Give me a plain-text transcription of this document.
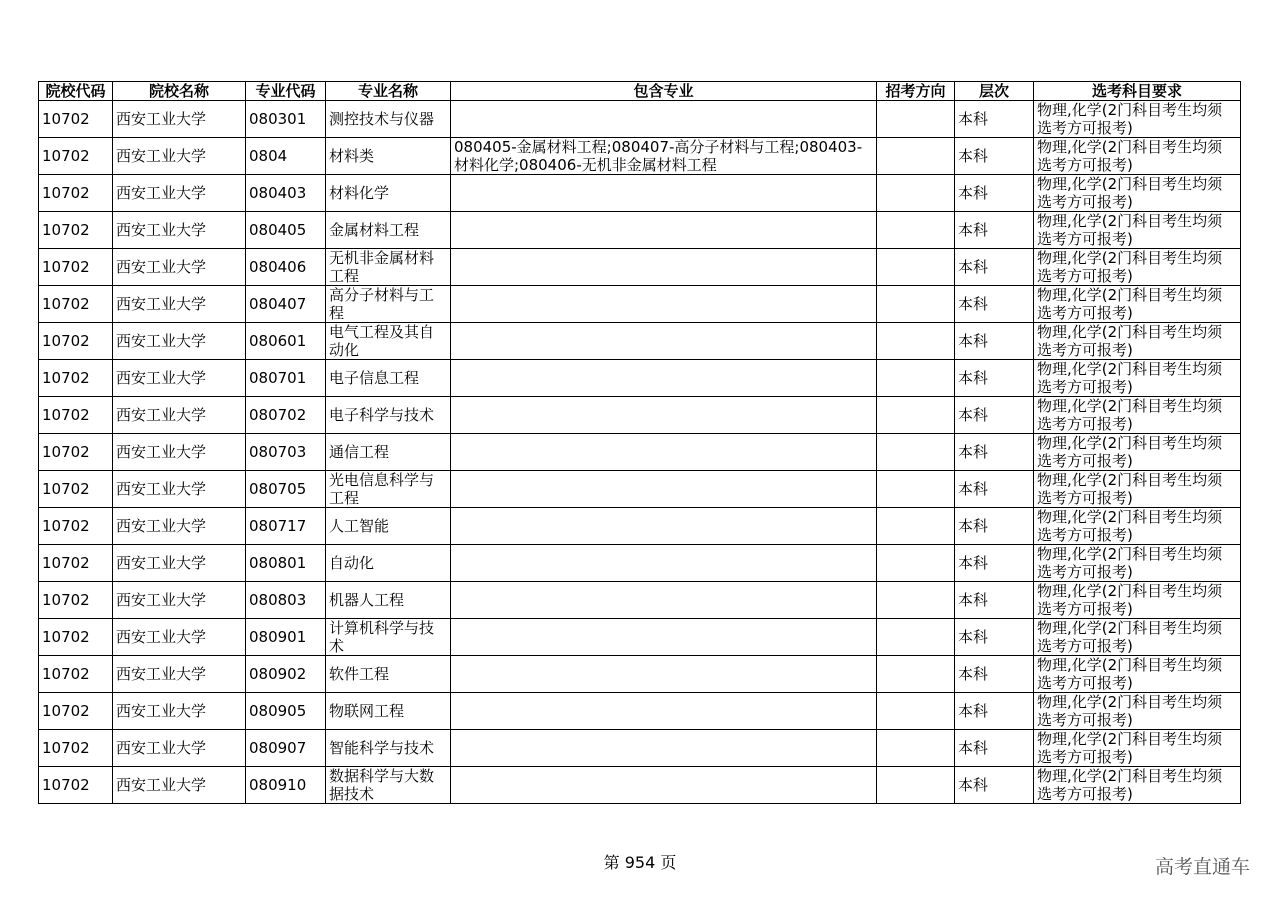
院校代码	院校名称	专业代码	专业名称	包含专业	招考方向	层次	选考科目要求
10702	西安工业大学	080301	测控技术与仪器			本科	物理,化学(2门科目考生均须选考方可报考)
10702	西安工业大学	0804	材料类	080405-金属材料工程;080407-高分子材料与工程;080403-材料化学;080406-无机非金属材料工程		本科	物理,化学(2门科目考生均须选考方可报考)
10702	西安工业大学	080403	材料化学			本科	物理,化学(2门科目考生均须选考方可报考)
10702	西安工业大学	080405	金属材料工程			本科	物理,化学(2门科目考生均须选考方可报考)
10702	西安工业大学	080406	无机非金属材料工程			本科	物理,化学(2门科目考生均须选考方可报考)
10702	西安工业大学	080407	高分子材料与工程			本科	物理,化学(2门科目考生均须选考方可报考)
10702	西安工业大学	080601	电气工程及其自动化			本科	物理,化学(2门科目考生均须选考方可报考)
10702	西安工业大学	080701	电子信息工程			本科	物理,化学(2门科目考生均须选考方可报考)
10702	西安工业大学	080702	电子科学与技术			本科	物理,化学(2门科目考生均须选考方可报考)
10702	西安工业大学	080703	通信工程			本科	物理,化学(2门科目考生均须选考方可报考)
10702	西安工业大学	080705	光电信息科学与工程			本科	物理,化学(2门科目考生均须选考方可报考)
10702	西安工业大学	080717	人工智能			本科	物理,化学(2门科目考生均须选考方可报考)
10702	西安工业大学	080801	自动化			本科	物理,化学(2门科目考生均须选考方可报考)
10702	西安工业大学	080803	机器人工程			本科	物理,化学(2门科目考生均须选考方可报考)
10702	西安工业大学	080901	计算机科学与技术			本科	物理,化学(2门科目考生均须选考方可报考)
10702	西安工业大学	080902	软件工程			本科	物理,化学(2门科目考生均须选考方可报考)
10702	西安工业大学	080905	物联网工程			本科	物理,化学(2门科目考生均须选考方可报考)
10702	西安工业大学	080907	智能科学与技术			本科	物理,化学(2门科目考生均须选考方可报考)
10702	西安工业大学	080910	数据科学与大数据技术			本科	物理,化学(2门科目考生均须选考方可报考)
第 954 页	高考直通车
